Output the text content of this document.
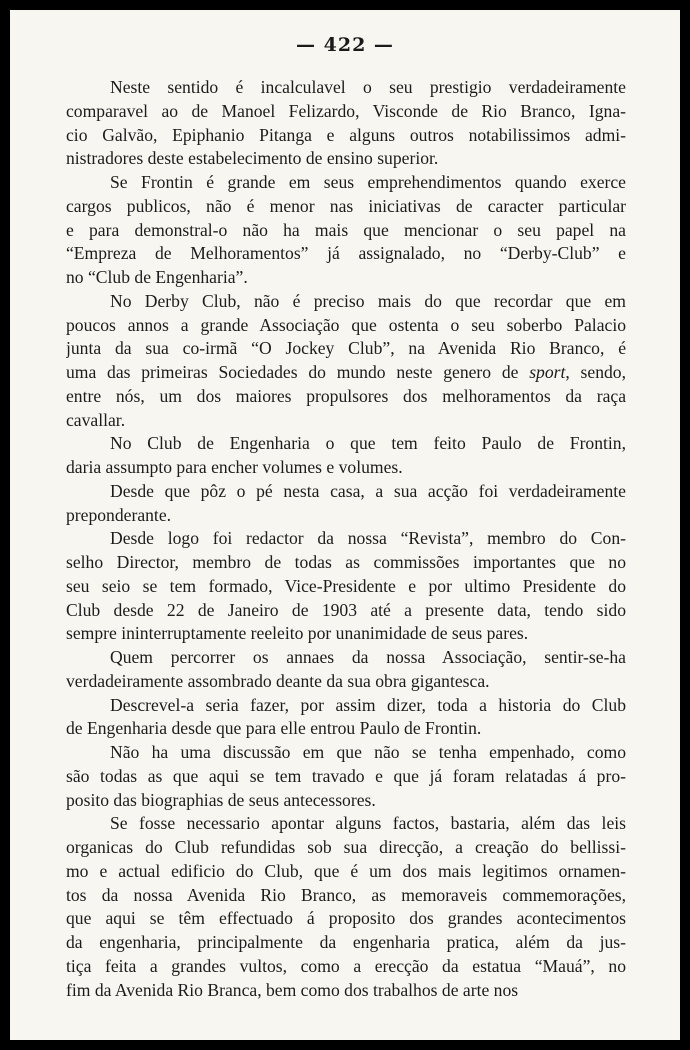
— 422 —
Neste sentido é incalculavel o seu prestigio verdadeiramente
comparavel ao de Manoel Felizardo, Visconde de Rio Branco, Igna-
cio Galvão, Epiphanio Pitanga e alguns outros notabilissimos admi-
nistradores deste estabelecimento de ensino superior.
Se Frontin é grande em seus emprehendimentos quando exerce
cargos publicos, não é menor nas iniciativas de caracter particular
e para demonstral-o não ha mais que mencionar o seu papel na
“Empreza de Melhoramentos” já assignalado, no “Derby-Club” e
no “Club de Engenharia”.
No Derby Club, não é preciso mais do que recordar que em
poucos annos a grande Associação que ostenta o seu soberbo Palacio
junta da sua co-irmã “O Jockey Club”, na Avenida Rio Branco, é
uma das primeiras Sociedades do mundo neste genero de sport, sendo,
entre nós, um dos maiores propulsores dos melhoramentos da raça
cavallar.
No Club de Engenharia o que tem feito Paulo de Frontin,
daria assumpto para encher volumes e volumes.
Desde que pôz o pé nesta casa, a sua acção foi verdadeiramente
preponderante.
Desde logo foi redactor da nossa “Revista”, membro do Con-
selho Director, membro de todas as commissões importantes que no
seu seio se tem formado, Vice-Presidente e por ultimo Presidente do
Club desde 22 de Janeiro de 1903 até a presente data, tendo sido
sempre ininterruptamente reeleito por unanimidade de seus pares.
Quem percorrer os annaes da nossa Associação, sentir-se-ha
verdadeiramente assombrado deante da sua obra gigantesca.
Descrevel-a seria fazer, por assim dizer, toda a historia do Club
de Engenharia desde que para elle entrou Paulo de Frontin.
Não ha uma discussão em que não se tenha empenhado, como
são todas as que aqui se tem travado e que já foram relatadas á pro-
posito das biographias de seus antecessores.
Se fosse necessario apontar alguns factos, bastaria, além das leis
organicas do Club refundidas sob sua direcção, a creação do bellissi-
mo e actual edificio do Club, que é um dos mais legitimos ornamen-
tos da nossa Avenida Rio Branco, as memoraveis commemorações,
que aqui se têm effectuado á proposito dos grandes acontecimentos
da engenharia, principalmente da engenharia pratica, além da jus-
tiça feita a grandes vultos, como a erecção da estatua “Mauá”, no
fim da Avenida Rio Branca, bem como dos trabalhos de arte nos
